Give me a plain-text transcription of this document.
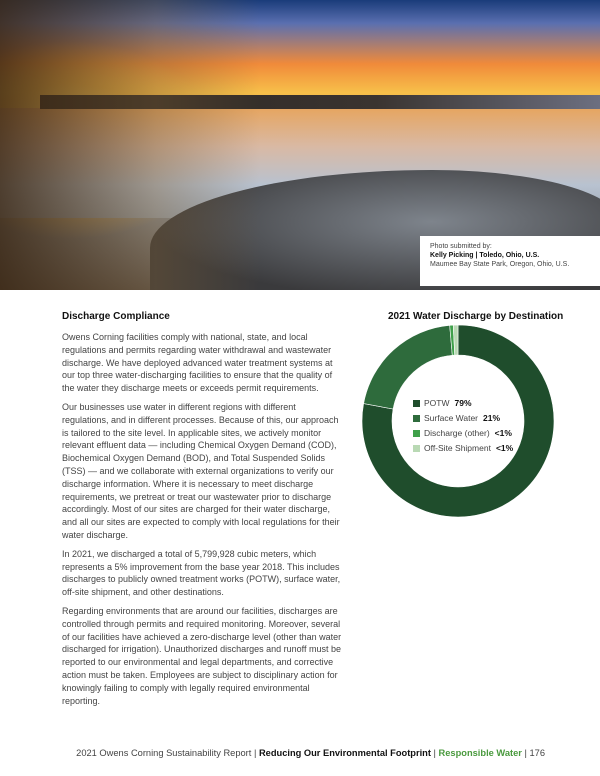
Photo submitted by:
Kelly Picking | Toledo, Ohio, U.S.
Maumee Bay State Park, Oregon, Ohio, U.S.
Discharge Compliance

Owens Corning facilities comply with national, state, and local regulations and permits regarding water withdrawal and wastewater discharge. We have deployed advanced water treatment systems at our top three water-discharging facilities to ensure that the quality of the water they discharge meets or exceeds permit requirements.

Our businesses use water in different regions with different regulations, and in different processes. Because of this, our approach is tailored to the site level. In applicable sites, we actively monitor relevant effluent data — including Chemical Oxygen Demand (COD), Biochemical Oxygen Demand (BOD), and Total Suspended Solids (TSS) — and we collaborate with external organizations to verify our discharge information. Where it is necessary to meet discharge requirements, we pretreat or treat our wastewater prior to discharge accordingly. Most of our sites are charged for their water discharge, and all our sites are expected to comply with local regulations for their water discharge.

In 2021, we discharged a total of 5,799,928 cubic meters, which represents a 5% improvement from the base year 2018. This includes discharges to publicly owned treatment works (POTW), surface water, off-site shipment, and other destinations.

Regarding environments that are around our facilities, discharges are controlled through permits and required monitoring. Moreover, several of our facilities have achieved a zero-discharge level (other than water discharged for irrigation). Unauthorized discharges and runoff must be reported to our environmental and legal departments, and corrective action must be taken. Employees are subject to disciplinary action for knowingly failing to comply with legally required environmental reporting.

2021 Water Discharge by Destination
POTW 79%
Surface Water 21%
Discharge (other) <1%
Off-Site Shipment <1%
2021 Owens Corning Sustainability Report | Reducing Our Environmental Footprint | Responsible Water | 176
